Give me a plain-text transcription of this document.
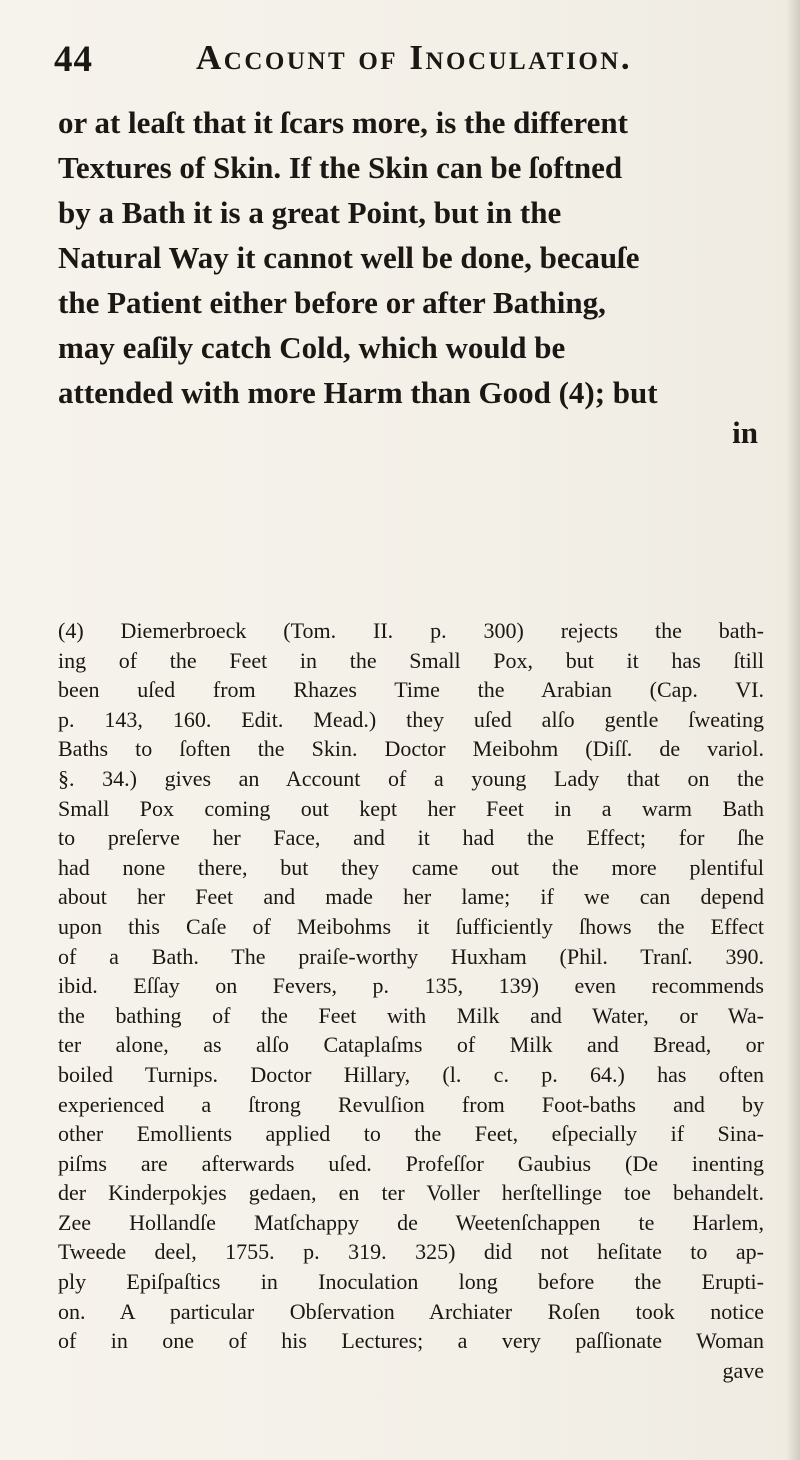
44	Account of Inoculation.
or at leaſt that it ſcars more, is the different
Textures of Skin. If the Skin can be ſoftned
by a Bath it is a great Point, but in the
Natural Way it cannot well be done, becauſe
the Patient either before or after Bathing,
may eaſily catch Cold, which would be
attended with more Harm than Good (4); but
in
(4) Diemerbroeck (Tom. II. p. 300) rejects the bath-
ing of the Feet in the Small Pox, but it has ſtill
been uſed from Rhazes Time the Arabian (Cap. VI.
p. 143, 160. Edit. Mead.) they uſed alſo gentle ſweating
Baths to ſoften the Skin. Doctor Meibohm (Diſſ. de variol.
§. 34.) gives an Account of a young Lady that on the
Small Pox coming out kept her Feet in a warm Bath
to preſerve her Face, and it had the Effect; for ſhe
had none there, but they came out the more plentiful
about her Feet and made her lame; if we can depend
upon this Caſe of Meibohms it ſufficiently ſhows the Effect
of a Bath. The praiſe-worthy Huxham (Phil. Tranſ. 390.
ibid. Eſſay on Fevers, p. 135, 139) even recommends
the bathing of the Feet with Milk and Water, or Wa-
ter alone, as alſo Cataplaſms of Milk and Bread, or
boiled Turnips. Doctor Hillary, (l. c. p. 64.) has often
experienced a ſtrong Revulſion from Foot-baths and by
other Emollients applied to the Feet, eſpecially if Sina-
piſms are afterwards uſed. Profeſſor Gaubius (De inenting
der Kinderpokjes gedaen, en ter Voller herſtellinge toe behandelt.
Zee Hollandſe Matſchappy de Weetenſchappen te Harlem,
Tweede deel, 1755. p. 319. 325) did not heſitate to ap-
ply Epiſpaſtics in Inoculation long before the Erupti-
on. A particular Obſervation Archiater Roſen took notice
of in one of his Lectures; a very paſſionate Woman
gave
